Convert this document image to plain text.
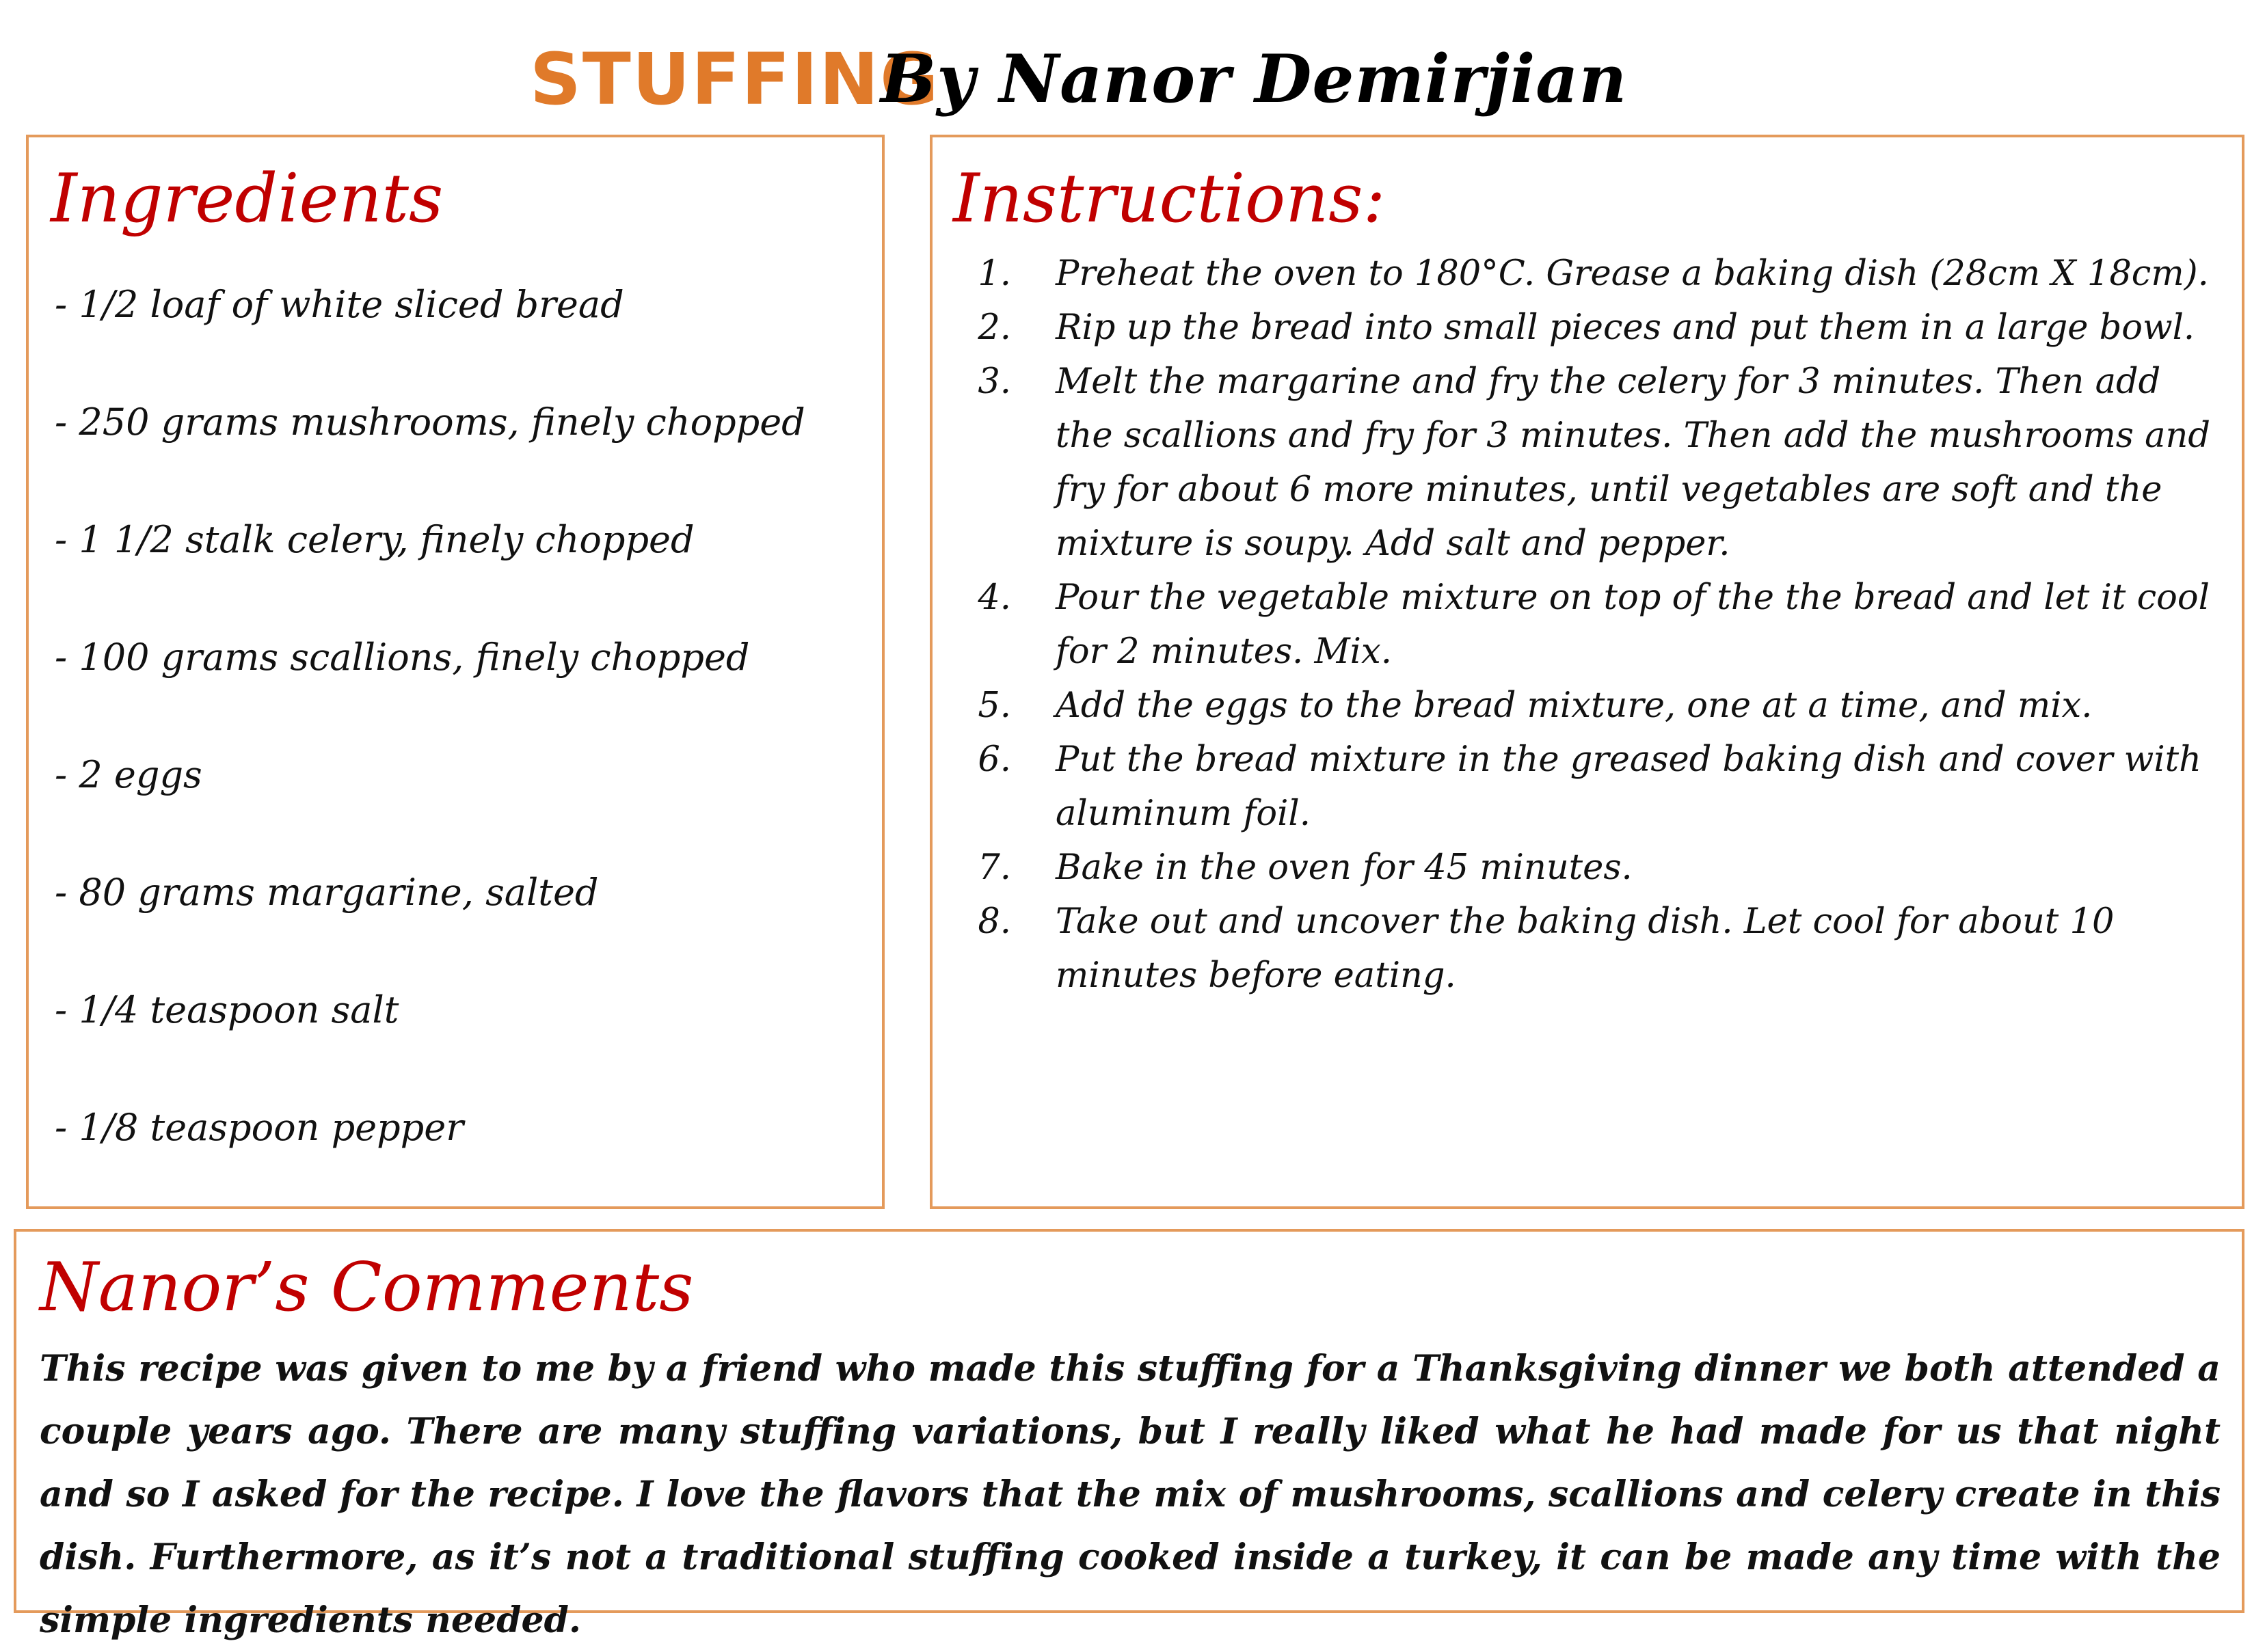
STUFFING
By Nanor Demirjian
Ingredients
- 1/2 loaf of white sliced bread
- 250 grams mushrooms, finely chopped
- 1 1/2 stalk celery, finely chopped
- 100 grams scallions, finely chopped
- 2 eggs
- 80 grams margarine, salted
- 1/4 teaspoon salt
- 1/8 teaspoon pepper
Instructions:
1. Preheat the oven to 180°C. Grease a baking dish (28cm X 18cm).
2. Rip up the bread into small pieces and put them in a large bowl.
3. Melt the margarine and fry the celery for 3 minutes. Then add the scallions and fry for 3 minutes. Then add the mushrooms and fry for about 6 more minutes, until vegetables are soft and the mixture is soupy. Add salt and pepper.
4. Pour the vegetable mixture on top of the the bread and let it cool for 2 minutes. Mix.
5. Add the eggs to the bread mixture, one at a time, and mix.
6. Put the bread mixture in the greased baking dish and cover with aluminum foil.
7. Bake in the oven for 45 minutes.
8. Take out and uncover the baking dish. Let cool for about 10 minutes before eating.
Nanor’s Comments

This recipe was given to me by a friend who made this stuffing for a Thanksgiving dinner we both attended a couple years ago. There are many stuffing variations, but I really liked what he had made for us that night and so I asked for the recipe. I love the flavors that the mix of mushrooms, scallions and celery create in this dish. Furthermore, as it’s not a traditional stuffing cooked inside a turkey, it can be made any time with the simple ingredients needed.
